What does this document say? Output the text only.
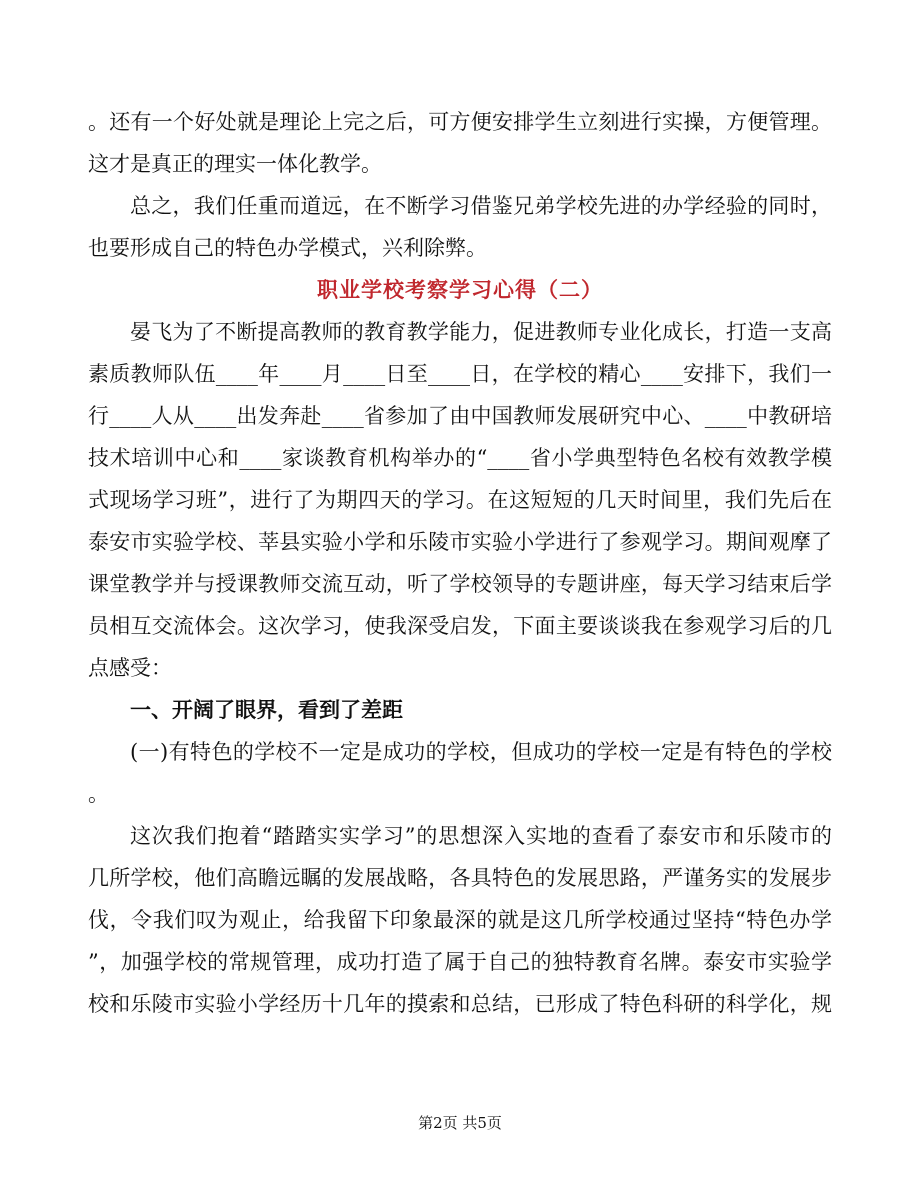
。还有一个好处就是理论上完之后，可方便安排学生立刻进行实操，方便管理。
这才是真正的理实一体化教学。
总之，我们任重而道远，在不断学习借鉴兄弟学校先进的办学经验的同时，
也要形成自己的特色办学模式，兴利除弊。
职业学校考察学习心得（二）
晏飞为了不断提高教师的教育教学能力，促进教师专业化成长，打造一支高
素质教师队伍____年____月____日至____日，在学校的精心____安排下，我们一
行____人从____出发奔赴____省参加了由中国教师发展研究中心、____中教研培
技术培训中心和____家谈教育机构举办的“____省小学典型特色名校有效教学模
式现场学习班”，进行了为期四天的学习。在这短短的几天时间里，我们先后在
泰安市实验学校、莘县实验小学和乐陵市实验小学进行了参观学习。期间观摩了
课堂教学并与授课教师交流互动，听了学校领导的专题讲座，每天学习结束后学
员相互交流体会。这次学习，使我深受启发，下面主要谈谈我在参观学习后的几
点感受：
一、开阔了眼界，看到了差距
(一)有特色的学校不一定是成功的学校，但成功的学校一定是有特色的学校
。
这次我们抱着“踏踏实实学习”的思想深入实地的查看了泰安市和乐陵市的
几所学校，他们高瞻远瞩的发展战略，各具特色的发展思路，严谨务实的发展步
伐，令我们叹为观止，给我留下印象最深的就是这几所学校通过坚持“特色办学
”，加强学校的常规管理，成功打造了属于自己的独特教育名牌。泰安市实验学
校和乐陵市实验小学经历十几年的摸索和总结，已形成了特色科研的科学化，规
第2页 共5页
